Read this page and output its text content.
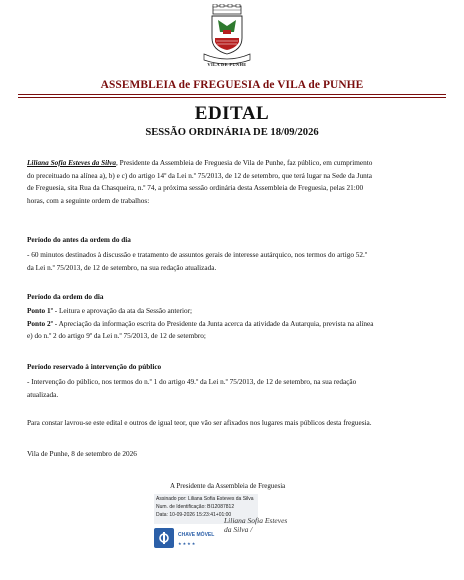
VILA DE PUNHE
ASSEMBLEIA de FREGUESIA de VILA de PUNHE
EDITAL
SESSÃO ORDINÁRIA DE 18/09/2026
Liliana Sofia Esteves da Silva, Presidente da Assembleia de Freguesia de Vila de Punhe, faz público, em cumprimento
do preceituado na alínea a), b) e c) do artigo 14º da Lei n.º 75/2013, de 12 de setembro, que terá lugar na Sede da Junta
de Freguesia, sita Rua da Chasqueira, n.º 74, a próxima sessão ordinária desta Assembleia de Freguesia, pelas 21:00
horas, com a seguinte ordem de trabalhos:
Período do antes da ordem do dia
- 60 minutos destinados à discussão e tratamento de assuntos gerais de interesse autárquico, nos termos do artigo 52.º
da Lei n.º 75/2013, de 12 de setembro, na sua redação atualizada.
Período da ordem do dia
Ponto 1º - Leitura e aprovação da ata da Sessão anterior;
Ponto 2º - Apreciação da informação escrita do Presidente da Junta acerca da atividade da Autarquia, prevista na alínea
e) do n.º 2 do artigo 9º da Lei n.º 75/2013, de 12 de setembro;
Período reservado à intervenção do público
- Intervenção do público, nos termos do n.º 1 do artigo 49.º da Lei n.º 75/2013, de 12 de setembro, na sua redação
atualizada.
Para constar lavrou-se este edital e outros de igual teor, que vão ser afixados nos lugares mais públicos desta freguesia.
Vila de Punhe, 8 de setembro de 2026
A Presidente da Assembleia de Freguesia
Assinado por: Liliana Sofia Esteves da Silva
Num. de Identificação: BI12087812
Data: 10-09-2026 15:23:41+01:00
Liliana Sofia Esteves da Silva /
CHAVE MÓVEL
★★★★
